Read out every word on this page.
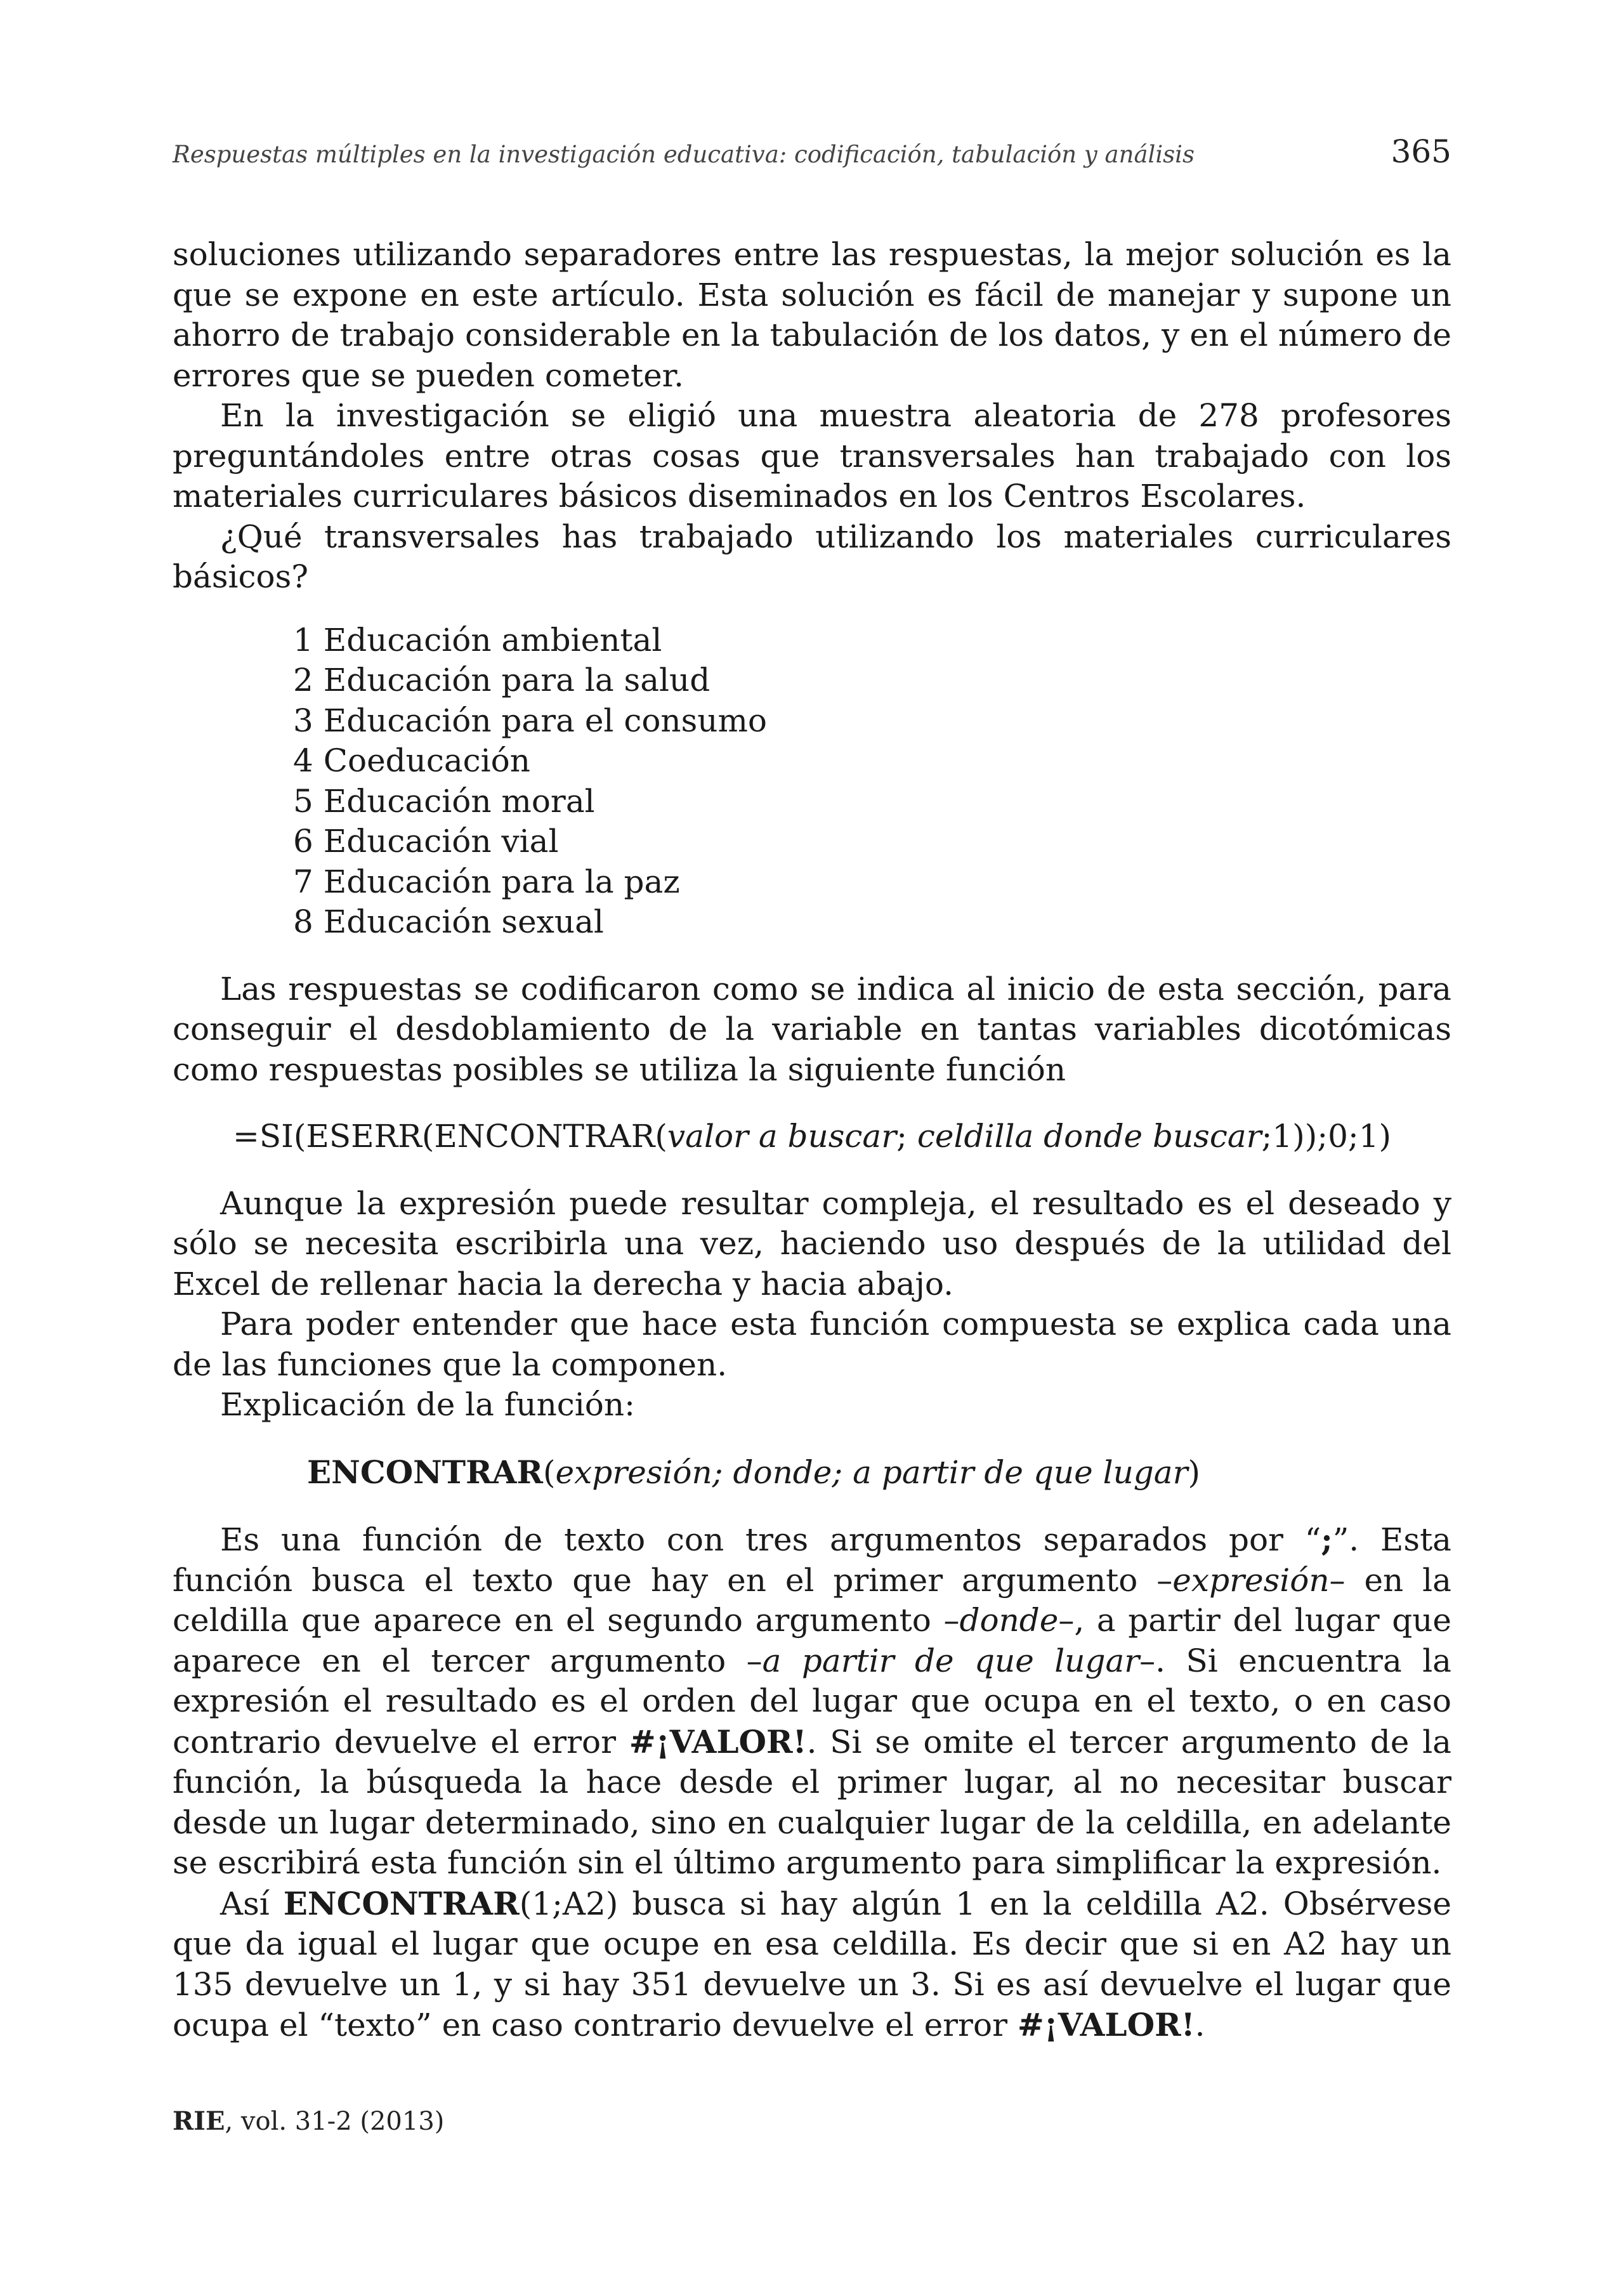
Respuestas múltiples en la investigación educativa: codificación, tabulación y análisis	365

soluciones utilizando separadores entre las respuestas, la mejor solución es la que se expone en este artículo. Esta solución es fácil de manejar y supone un ahorro de trabajo considerable en la tabulación de los datos, y en el número de errores que se pueden cometer.

En la investigación se eligió una muestra aleatoria de 278 profesores preguntándoles entre otras cosas que transversales han trabajado con los materiales curriculares básicos diseminados en los Centros Escolares.

¿Qué transversales has trabajado utilizando los materiales curriculares básicos?

1 Educación ambiental
2 Educación para la salud
3 Educación para el consumo
4 Coeducación
5 Educación moral
6 Educación vial
7 Educación para la paz
8 Educación sexual

Las respuestas se codificaron como se indica al inicio de esta sección, para conseguir el desdoblamiento de la variable en tantas variables dicotómicas como respuestas posibles se utiliza la siguiente función

=SI(ESERR(ENCONTRAR(valor a buscar; celdilla donde buscar;1));0;1)

Aunque la expresión puede resultar compleja, el resultado es el deseado y sólo se necesita escribirla una vez, haciendo uso después de la utilidad del Excel de rellenar hacia la derecha y hacia abajo.

Para poder entender que hace esta función compuesta se explica cada una de las funciones que la componen.

Explicación de la función:

ENCONTRAR(expresión; donde; a partir de que lugar)

Es una función de texto con tres argumentos separados por “;”. Esta función busca el texto que hay en el primer argumento –expresión– en la celdilla que aparece en el segundo argumento –donde–, a partir del lugar que aparece en el tercer argumento –a partir de que lugar–. Si encuentra la expresión el resultado es el orden del lugar que ocupa en el texto, o en caso contrario devuelve el error #¡VALOR!. Si se omite el tercer argumento de la función, la búsqueda la hace desde el primer lugar, al no necesitar buscar desde un lugar determinado, sino en cualquier lugar de la celdilla, en adelante se escribirá esta función sin el último argumento para simplificar la expresión.

Así ENCONTRAR(1;A2) busca si hay algún 1 en la celdilla A2. Obsérvese que da igual el lugar que ocupe en esa celdilla. Es decir que si en A2 hay un 135 devuelve un 1, y si hay 351 devuelve un 3. Si es así devuelve el lugar que ocupa el “texto” en caso contrario devuelve el error #¡VALOR!.

RIE, vol. 31-2 (2013)
